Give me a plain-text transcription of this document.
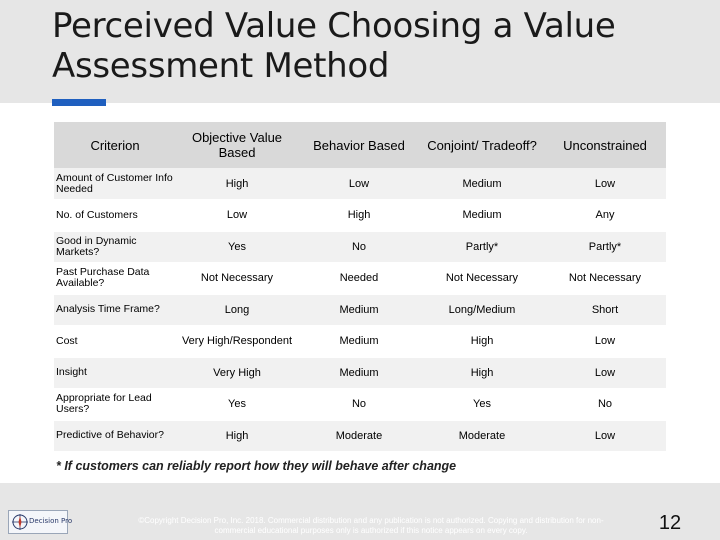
Perceived Value Choosing a Value
Assessment Method
Criterion	Objective Value Based	Behavior Based	Conjoint/ Tradeoff?	Unconstrained
Amount of Customer Info Needed	High	Low	Medium	Low
No. of Customers	Low	High	Medium	Any
Good in Dynamic Markets?	Yes	No	Partly*	Partly*
Past Purchase Data Available?	Not Necessary	Needed	Not Necessary	Not Necessary
Analysis Time Frame?	Long	Medium	Long/Medium	Short
Cost	Very High/Respondent	Medium	High	Low
Insight	Very High	Medium	High	Low
Appropriate for Lead Users?	Yes	No	Yes	No
Predictive of Behavior?	High	Moderate	Moderate	Low
* If customers can reliably report how they will behave after change
Decision Pro	©Copyright Decision Pro, Inc. 2018. Commercial distribution and any publication is not authorized. Copying and distribution for non-commercial educational purposes only is authorized if this notice appears on every copy.	12
